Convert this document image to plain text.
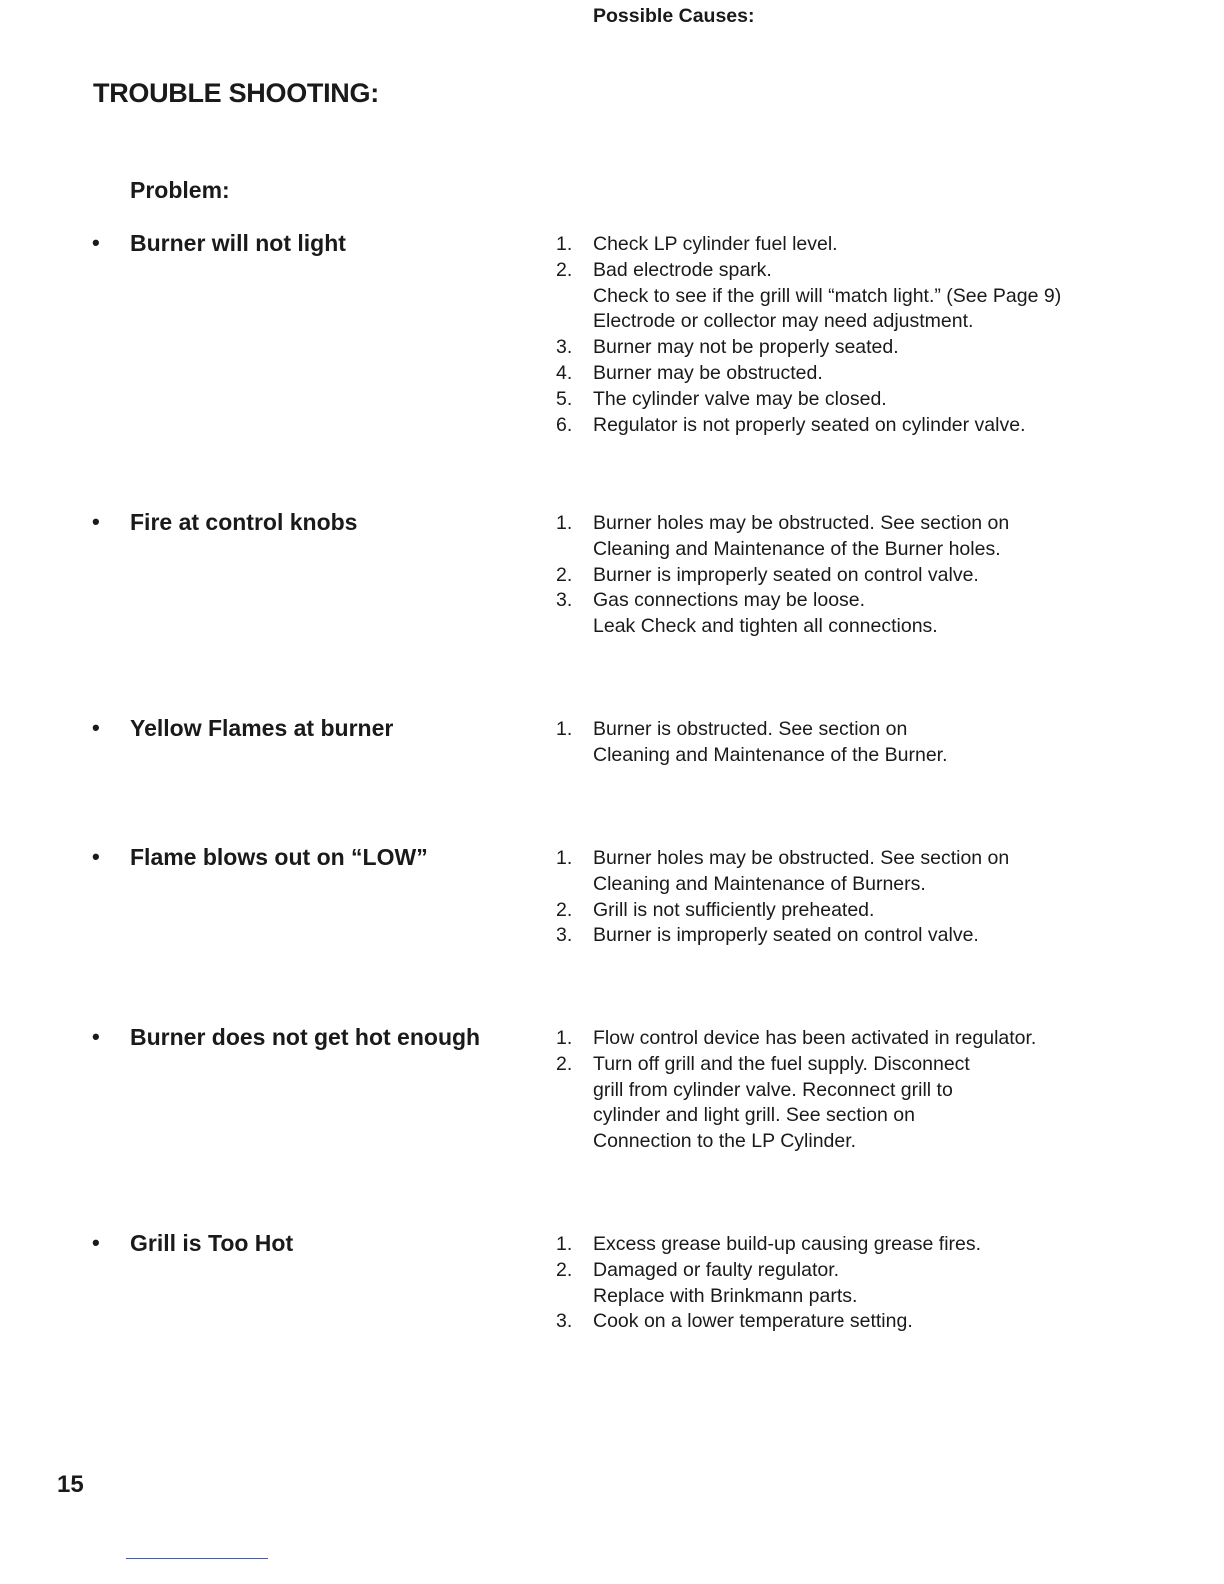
TROUBLE SHOOTING:
Problem:
Possible Causes:
• Burner will not light	1. Check LP cylinder fuel level.
2. Bad electrode spark.
Check to see if the grill will “match light.” (See Page 9)
Electrode or collector may need adjustment.
3. Burner may not be properly seated.
4. Burner may be obstructed.
5. The cylinder valve may be closed.
6. Regulator is not properly seated on cylinder valve.
• Fire at control knobs	1. Burner holes may be obstructed. See section on
Cleaning and Maintenance of the Burner holes.
2. Burner is improperly seated on control valve.
3. Gas connections may be loose.
Leak Check and tighten all connections.
• Yellow Flames at burner	1. Burner is obstructed. See section on
Cleaning and Maintenance of the Burner.
• Flame blows out on “LOW”	1. Burner holes may be obstructed. See section on
Cleaning and Maintenance of Burners.
2. Grill is not sufficiently preheated.
3. Burner is improperly seated on control valve.
• Burner does not get hot enough	1. Flow control device has been activated in regulator.
2. Turn off grill and the fuel supply. Disconnect
grill from cylinder valve. Reconnect grill to
cylinder and light grill. See section on
Connection to the LP Cylinder.
• Grill is Too Hot	1. Excess grease build-up causing grease fires.
2. Damaged or faulty regulator.
Replace with Brinkmann parts.
3. Cook on a lower temperature setting.
15
